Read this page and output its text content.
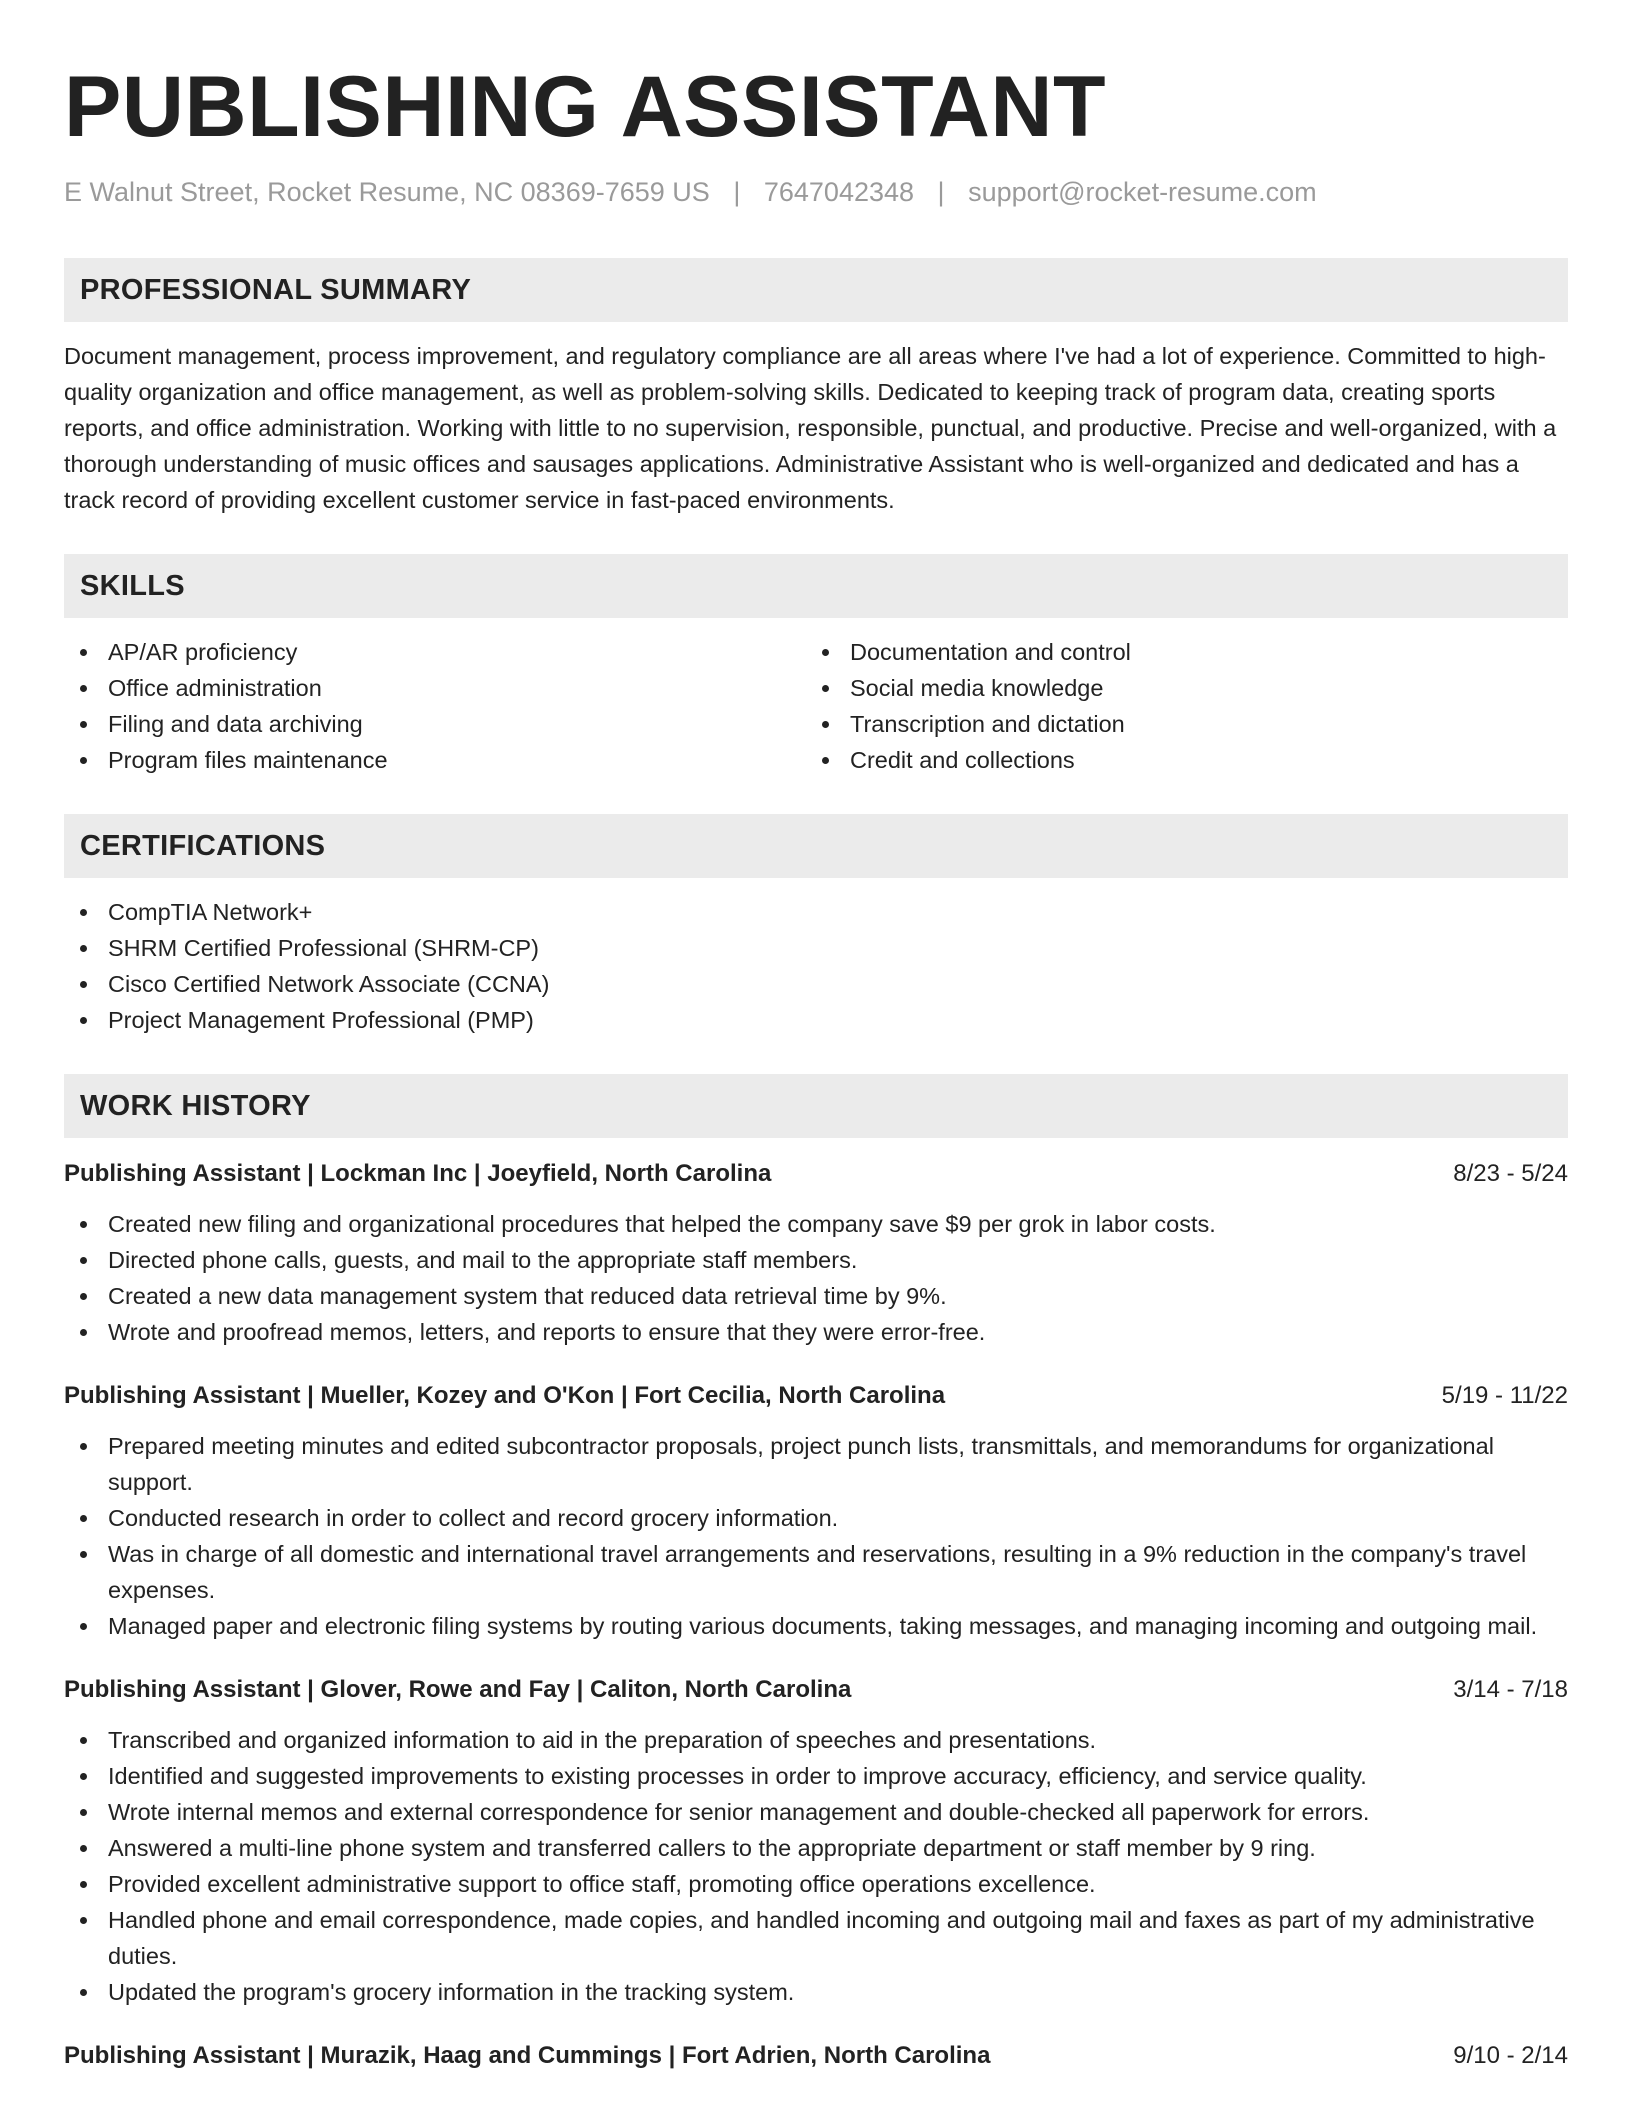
PUBLISHING ASSISTANT
E Walnut Street, Rocket Resume, NC 08369-7659 US | 7647042348 | support@rocket-resume.com
PROFESSIONAL SUMMARY
Document management, process improvement, and regulatory compliance are all areas where I've had a lot of experience. Committed to high-quality organization and office management, as well as problem-solving skills. Dedicated to keeping track of program data, creating sports reports, and office administration. Working with little to no supervision, responsible, punctual, and productive. Precise and well-organized, with a thorough understanding of music offices and sausages applications. Administrative Assistant who is well-organized and dedicated and has a track record of providing excellent customer service in fast-paced environments.
SKILLS
AP/AR proficiency
Office administration
Filing and data archiving
Program files maintenance
Documentation and control
Social media knowledge
Transcription and dictation
Credit and collections
CERTIFICATIONS
CompTIA Network+
SHRM Certified Professional (SHRM-CP)
Cisco Certified Network Associate (CCNA)
Project Management Professional (PMP)
WORK HISTORY
Publishing Assistant | Lockman Inc | Joeyfield, North Carolina	8/23 - 5/24
Created new filing and organizational procedures that helped the company save $9 per grok in labor costs.
Directed phone calls, guests, and mail to the appropriate staff members.
Created a new data management system that reduced data retrieval time by 9%.
Wrote and proofread memos, letters, and reports to ensure that they were error-free.
Publishing Assistant | Mueller, Kozey and O'Kon | Fort Cecilia, North Carolina	5/19 - 11/22
Prepared meeting minutes and edited subcontractor proposals, project punch lists, transmittals, and memorandums for organizational support.
Conducted research in order to collect and record grocery information.
Was in charge of all domestic and international travel arrangements and reservations, resulting in a 9% reduction in the company's travel expenses.
Managed paper and electronic filing systems by routing various documents, taking messages, and managing incoming and outgoing mail.
Publishing Assistant | Glover, Rowe and Fay | Caliton, North Carolina	3/14 - 7/18
Transcribed and organized information to aid in the preparation of speeches and presentations.
Identified and suggested improvements to existing processes in order to improve accuracy, efficiency, and service quality.
Wrote internal memos and external correspondence for senior management and double-checked all paperwork for errors.
Answered a multi-line phone system and transferred callers to the appropriate department or staff member by 9 ring.
Provided excellent administrative support to office staff, promoting office operations excellence.
Handled phone and email correspondence, made copies, and handled incoming and outgoing mail and faxes as part of my administrative duties.
Updated the program's grocery information in the tracking system.
Publishing Assistant | Murazik, Haag and Cummings | Fort Adrien, North Carolina	9/10 - 2/14
